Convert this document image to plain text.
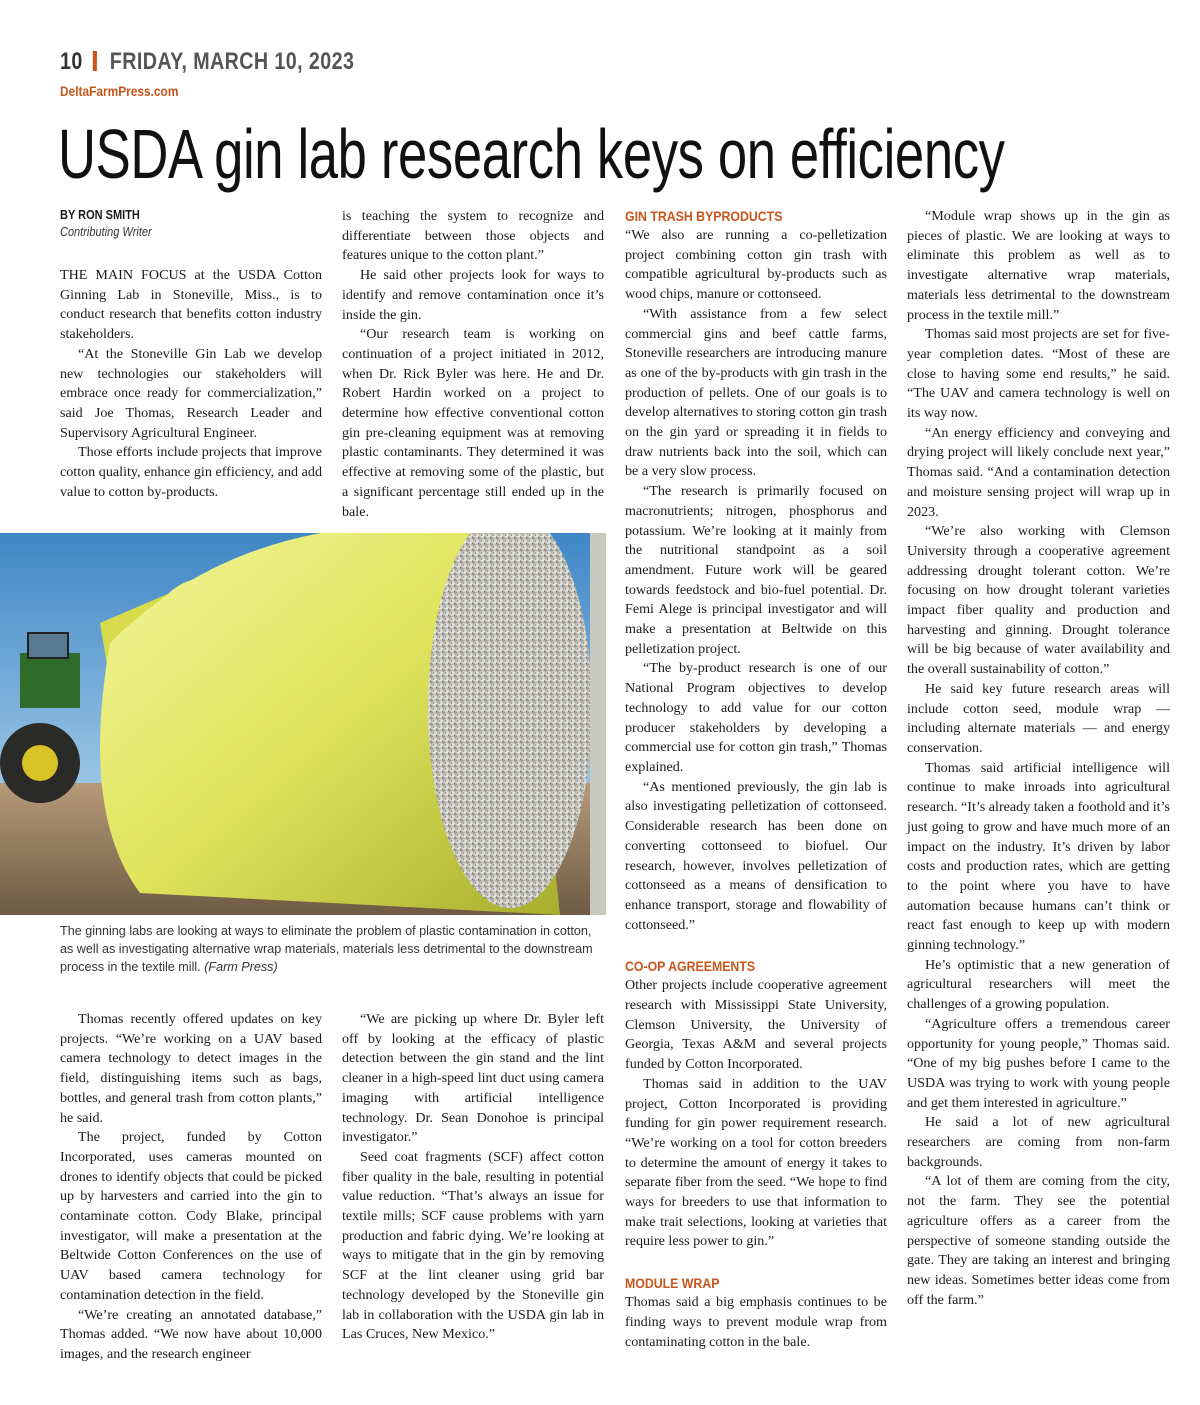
10 FRIDAY, MARCH 10, 2023
DeltaFarmPress.com
USDA gin lab research keys on efficiency
BY RON SMITH
Contributing Writer

THE MAIN FOCUS at the USDA Cotton Ginning Lab in Stoneville, Miss., is to conduct research that benefits cotton industry stakeholders.

“At the Stoneville Gin Lab we develop new technologies our stakeholders will embrace once ready for commercialization,” said Joe Thomas, Research Leader and Supervisory Agricultural Engineer.

Those efforts include projects that improve cotton quality, enhance gin efficiency, and add value to cotton by-products.

is teaching the system to recognize and differentiate between those objects and features unique to the cotton plant.”

He said other projects look for ways to identify and remove contamination once it’s inside the gin.

“Our research team is working on continuation of a project initiated in 2012, when Dr. Rick Byler was here. He and Dr. Robert Hardin worked on a project to determine how effective conventional cotton gin pre-cleaning equipment was at removing plastic contaminants. They determined it was effective at removing some of the plastic, but a significant percentage still ended up in the bale.

The ginning labs are looking at ways to eliminate the problem of plastic contamination in cotton, as well as investigating alternative wrap materials, materials less detrimental to the downstream process in the textile mill. (Farm Press)

Thomas recently offered updates on key projects. “We’re working on a UAV based camera technology to detect images in the field, distinguishing items such as bags, bottles, and general trash from cotton plants,” he said.

The project, funded by Cotton Incorporated, uses cameras mounted on drones to identify objects that could be picked up by harvesters and carried into the gin to contaminate cotton. Cody Blake, principal investigator, will make a presentation at the Beltwide Cotton Conferences on the use of UAV based camera technology for contamination detection in the field.

“We’re creating an annotated database,” Thomas added. “We now have about 10,000 images, and the research engineer

“We are picking up where Dr. Byler left off by looking at the efficacy of plastic detection between the gin stand and the lint cleaner in a high-speed lint duct using camera imaging with artificial intelligence technology. Dr. Sean Donohoe is principal investigator.”

Seed coat fragments (SCF) affect cotton fiber quality in the bale, resulting in potential value reduction. “That’s always an issue for textile mills; SCF cause problems with yarn production and fabric dying. We’re looking at ways to mitigate that in the gin by removing SCF at the lint cleaner using grid bar technology developed by the Stoneville gin lab in collaboration with the USDA gin lab in Las Cruces, New Mexico.”

GIN TRASH BYPRODUCTS

“We also are running a co-pelletization project combining cotton gin trash with compatible agricultural by-products such as wood chips, manure or cottonseed.

“With assistance from a few select commercial gins and beef cattle farms, Stoneville researchers are introducing manure as one of the by-products with gin trash in the production of pellets. One of our goals is to develop alternatives to storing cotton gin trash on the gin yard or spreading it in fields to draw nutrients back into the soil, which can be a very slow process.

“The research is primarily focused on macronutrients; nitrogen, phosphorus and potassium. We’re looking at it mainly from the nutritional standpoint as a soil amendment. Future work will be geared towards feedstock and bio-fuel potential. Dr. Femi Alege is principal investigator and will make a presentation at Beltwide on this pelletization project.

“The by-product research is one of our National Program objectives to develop technology to add value for our cotton producer stakeholders by developing a commercial use for cotton gin trash,” Thomas explained.

“As mentioned previously, the gin lab is also investigating pelletization of cottonseed. Considerable research has been done on converting cottonseed to biofuel. Our research, however, involves pelletization of cottonseed as a means of densification to enhance transport, storage and flowability of cottonseed.”

CO-OP AGREEMENTS

Other projects include cooperative agreement research with Mississippi State University, Clemson University, the University of Georgia, Texas A&M and several projects funded by Cotton Incorporated.

Thomas said in addition to the UAV project, Cotton Incorporated is providing funding for gin power requirement research. “We’re working on a tool for cotton breeders to determine the amount of energy it takes to separate fiber from the seed. “We hope to find ways for breeders to use that information to make trait selections, looking at varieties that require less power to gin.”

MODULE WRAP

Thomas said a big emphasis continues to be finding ways to prevent module wrap from contaminating cotton in the bale.

“Module wrap shows up in the gin as pieces of plastic. We are looking at ways to eliminate this problem as well as to investigate alternative wrap materials, materials less detrimental to the downstream process in the textile mill.”

Thomas said most projects are set for five-year completion dates. “Most of these are close to having some end results,” he said. “The UAV and camera technology is well on its way now.

“An energy efficiency and conveying and drying project will likely conclude next year,” Thomas said. “And a contamination detection and moisture sensing project will wrap up in 2023.

“We’re also working with Clemson University through a cooperative agreement addressing drought tolerant cotton. We’re focusing on how drought tolerant varieties impact fiber quality and production and harvesting and ginning. Drought tolerance will be big because of water availability and the overall sustainability of cotton.”

He said key future research areas will include cotton seed, module wrap — including alternate materials — and energy conservation.

Thomas said artificial intelligence will continue to make inroads into agricultural research. “It’s already taken a foothold and it’s just going to grow and have much more of an impact on the industry. It’s driven by labor costs and production rates, which are getting to the point where you have to have automation because humans can’t think or react fast enough to keep up with modern ginning technology.”

He’s optimistic that a new generation of agricultural researchers will meet the challenges of a growing population.

“Agriculture offers a tremendous career opportunity for young people,” Thomas said. “One of my big pushes before I came to the USDA was trying to work with young people and get them interested in agriculture.”

He said a lot of new agricultural researchers are coming from non-farm backgrounds.

“A lot of them are coming from the city, not the farm. They see the potential agriculture offers as a career from the perspective of someone standing outside the gate. They are taking an interest and bringing new ideas. Sometimes better ideas come from off the farm.”
